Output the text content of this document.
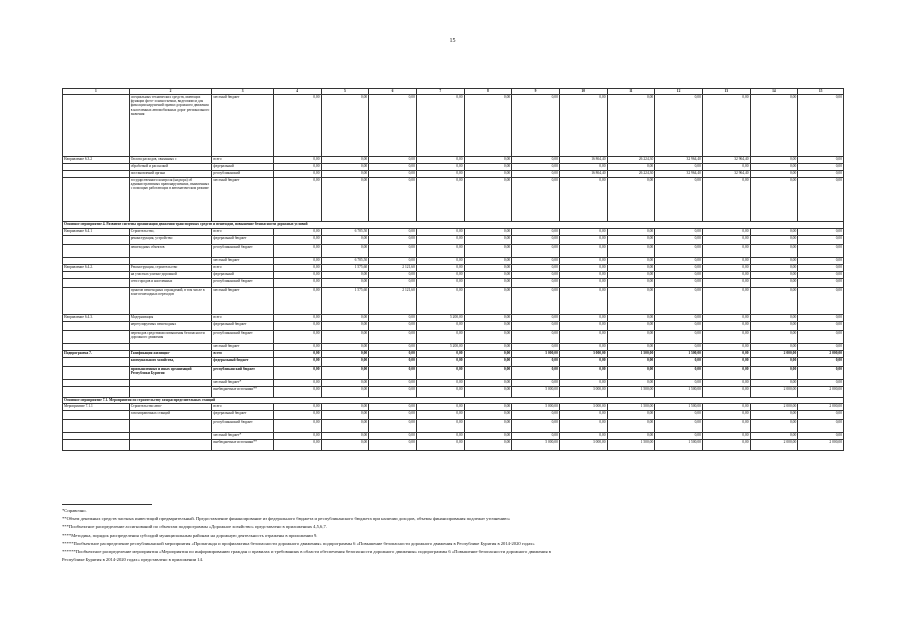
15
1	2	3	4	5	6	7	8	9	10	11	12	13	14	15
	специальных технических средств, имеющих функции фото- и киносъемки, видеозаписи для фиксации нарушений правил дорожного движения в населенных автомобильных дорог регионального значения	местный бюджет	0,00	0,00	0,00	0,00	0,00	0,00	0,00	0,00	0,00	0,00	0,00	0,00
Направление 6.3.2	Оплата расходов, связанных с	всего	0,00	0,00	0,00	0,00	0,00	0,00	16 864,40	26 224,30	32 964,40	32 964,40	0,00	0,00
	обработкой и рассылкой	федеральный	0,00	0,00	0,00	0,00	0,00	0,00	0,00	0,00	0,00	0,00	0,00	0,00
	постановлений органа	республиканский	0,00	0,00	0,00	0,00	0,00	0,00	16 864,40	26 224,30	32 964,40	32 964,40	0,00	0,00
	государственного контроля (надзора) об административных правонарушениях, выявленных с помощью работающих в автоматическом режиме	местный бюджет	0,00	0,00	0,00	0,00	0,00	0,00	0,00	0,00	0,00	0,00	0,00	0,00
Основное мероприятие 4. Развитие системы организации движения транспортных средств и пешеходов, повышение безопасности дорожных условий														
Направление 6.4.1	Строительство,	всего	0,00	6 785,50	0,00	0,00	0,00	0,00	0,00	0,00	0,00	0,00	0,00	0,00
	реконструкция, устройство	федеральный бюджет	0,00	0,00	0,00	0,00	0,00	0,00	0,00	0,00	0,00	0,00	0,00	0,00
	пешеходных объектов	республиканский бюджет	0,00	0,00	0,00	0,00	0,00	0,00	0,00	0,00	0,00	0,00	0,00	0,00
		местный бюджет	0,00	6 785,50	0,00	0,00	0,00	0,00	0,00	0,00	0,00	0,00	0,00	0,00
Направление 6.4.2.	Реконструкция, строительство	всего	0,00	1 575,60	2 121,60	0,00	0,00	0,00	0,00	0,00	0,00	0,00	0,00	0,00
	на участках улично-дорожной	федеральный	0,00	0,00	0,00	0,00	0,00	0,00	0,00	0,00	0,00	0,00	0,00	0,00
	сети городов и населенных	республиканский бюджет	0,00	0,00	0,00	0,00	0,00	0,00	0,00	0,00	0,00	0,00	0,00	0,00
	пунктов пешеходных ограждений, в том числе в зоне пешеходных переходов	местный бюджет	0,00	1 575,60	2 121,60	0,00	0,00	0,00	0,00	0,00	0,00	0,00	0,00	0,00
Направление 6.4.3.	Модернизация	всего	0,00	0,00	0,00	5 200,00	0,00	0,00	0,00	0,00	0,00	0,00	0,00	0,00
	нерегулируемых пешеходных	федеральный бюджет	0,00	0,00	0,00	0,00	0,00	0,00	0,00	0,00	0,00	0,00	0,00	0,00
	переходов средствами повышения безопасности дорожного движения	республиканский бюджет	0,00	0,00	0,00	0,00	0,00	0,00	0,00	0,00	0,00	0,00	0,00	0,00
		местный бюджет	0,00	0,00	0,00	5 200,00	0,00	0,00	0,00	0,00	0,00	0,00	0,00	0,00
Подпрограмма 7.	Газификация жилищно-	всего	0,00	0,00	0,00	0,00	0,00	5 000,00	3 000,00	1 500,00	1 500,00	0,00	2 000,00	2 000,00
	коммунального хозяйства,	федеральный бюджет	0,00	0,00	0,00	0,00	0,00	0,00	0,00	0,00	0,00	0,00	0,00	0,00
	промышленных и иных организаций Республики Бурятия	республиканский бюджет	0,00	0,00	0,00	0,00	0,00	0,00	0,00	0,00	0,00	0,00	0,00	0,00
		местный бюджет*	0,00	0,00	0,00	0,00	0,00	0,00	0,00	0,00	0,00	0,00	0,00	0,00
		внебюджетные источники**	0,00	0,00	0,00	0,00	0,00	5 000,00	3 000,00	1 500,00	1 500,00	0,00	2 000,00	2 000,00
Основное мероприятие 7.1. Мероприятия по строительству газораспределительных станций														
Мероприятие 7.1.1	Строительство авто-	всего	0,00	0,00	0,00	0,00	0,00	5 000,00	3 000,00	1 500,00	1 500,00	0,00	2 000,00	2 000,00
	газозаправочных станций	федеральный бюджет	0,00	0,00	0,00	0,00	0,00	0,00	0,00	0,00	0,00	0,00	0,00	0,00
		республиканский бюджет	0,00	0,00	0,00	0,00	0,00	0,00	0,00	0,00	0,00	0,00	0,00	0,00
		местный бюджет*	0,00	0,00	0,00	0,00	0,00	0,00	0,00	0,00	0,00	0,00	0,00	0,00
		внебюджетные источники**	0,00	0,00	0,00	0,00	0,00	5 000,00	3 000,00	1 500,00	1 500,00	0,00	2 000,00	2 000,00
*Справочно.
**Объем денежных средств частных инвестиций предварительный. Предоставление финансирование из федерального бюджета и республиканского бюджета при наличии доходов, объемы финансирования подлежат уточнению»
***Пообъектное распределение ассигнований по объектам подпрограммы «Дорожное хозяйство» представлено в приложениях 4,5,6,7.
****Методика, порядок распределения субсидий муниципальным районам на дорожную деятельность отражены в приложении 9.
*****Пообъектное распределение республиканской мероприятия «Пропаганда и профилактика безопасности дорожного движения» подпрограммы 6 «Повышение безопасности дорожного движения в Республике Бурятия в 2014-2020 годах»
******Пообъектное распределение мероприятия «Мероприятия по информированию граждан о правилах и требованиях в области обеспечения безопасности дорожного движения» подпрограммы 6 «Повышение безопасности дорожного движения в
Республике Бурятия в 2014-2020 годах» представлено в приложении 14.
